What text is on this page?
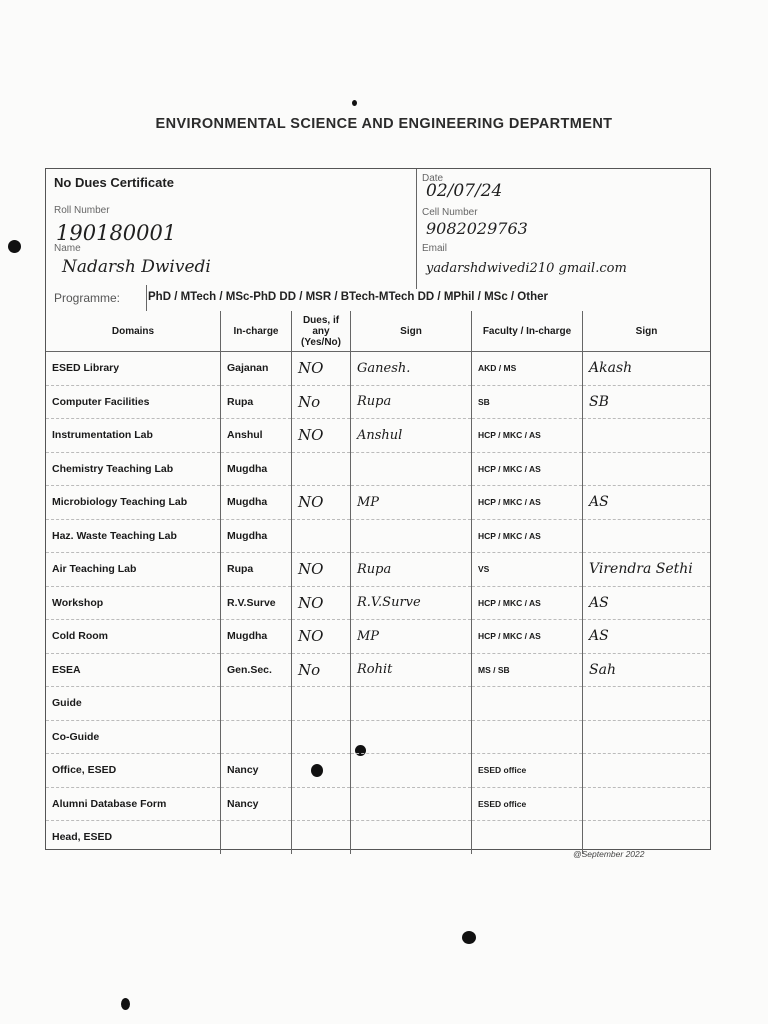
ENVIRONMENTAL SCIENCE AND ENGINEERING DEPARTMENT
No Dues Certificate
Roll Number
190180001
Name
Nadarsh Dwivedi
Date
02/07/24
Cell Number
9082029763
Email
yadarshdwivedi210 gmail.com
Programme: PhD / MTech / MSc-PhD DD / MSR / BTech-MTech DD / MPhil / MSc / Other
Domains	In-charge	Dues, if any (Yes/No)	Sign	Faculty / In-charge	Sign
ESED Library	Gajanan	NO	Ganesh.	AKD / MS	Akash
Computer Facilities	Rupa	No	Rupa	SB	SB
Instrumentation Lab	Anshul	NO	Anshul	HCP / MKC / AS	
Chemistry Teaching Lab	Mugdha			HCP / MKC / AS	
Microbiology Teaching Lab	Mugdha	NO	MP	HCP / MKC / AS	AS
Haz. Waste Teaching Lab	Mugdha			HCP / MKC / AS	
Air Teaching Lab	Rupa	NO	Rupa	VS	Virendra Sethi
Workshop	R.V.Surve	NO	R.V.Surve	HCP / MKC / AS	AS
Cold Room	Mugdha	NO	MP	HCP / MKC / AS	AS
ESEA	Gen.Sec.	No	Rohit	MS / SB	Sah
Guide					
Co-Guide					
Office, ESED	Nancy			ESED office	
Alumni Database Form	Nancy			ESED office	
Head, ESED					
@September 2022
